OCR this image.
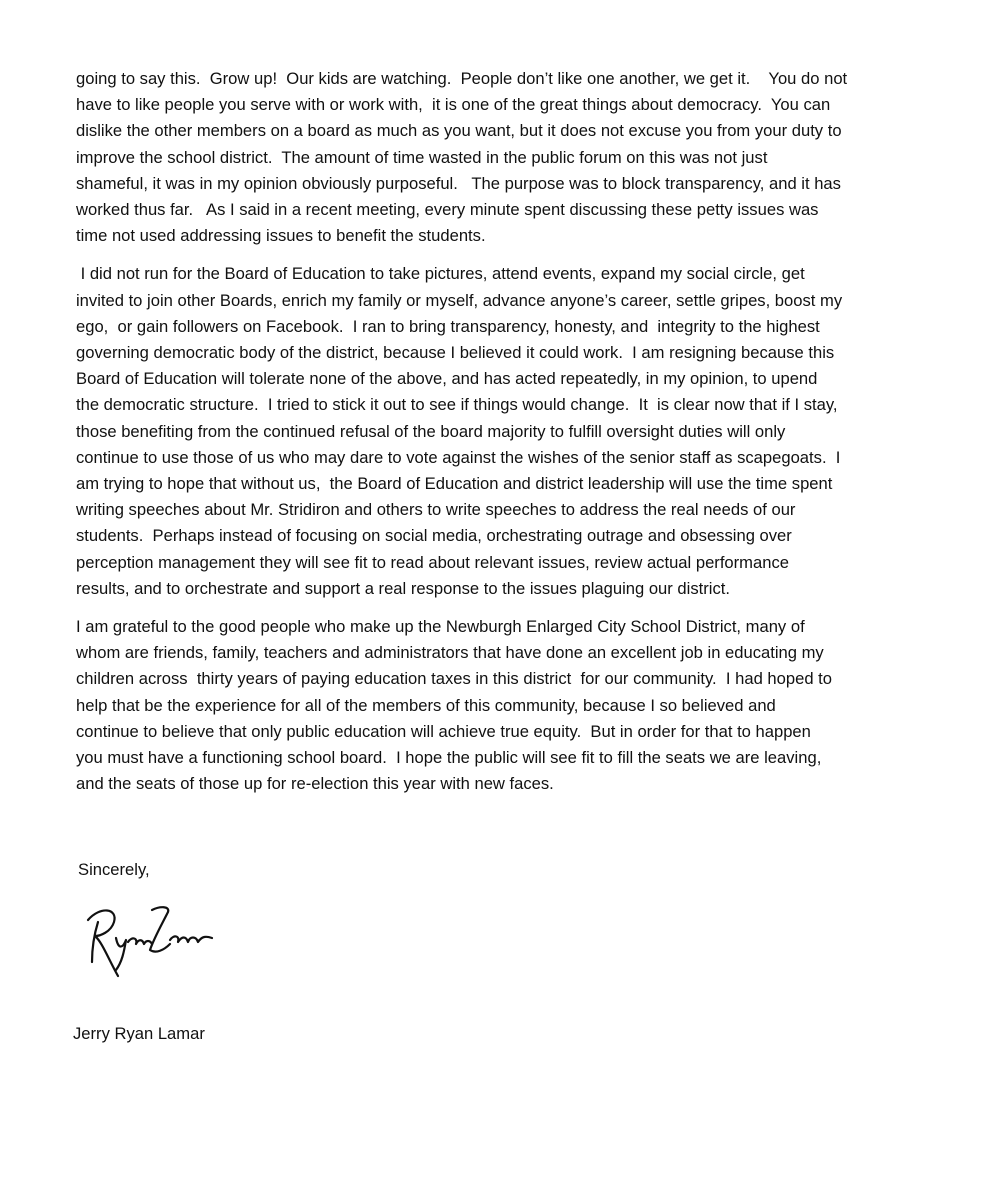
going to say this.  Grow up!  Our kids are watching.  People don’t like one another, we get it.    You do not
have to like people you serve with or work with,  it is one of the great things about democracy.  You can
dislike the other members on a board as much as you want, but it does not excuse you from your duty to
improve the school district.  The amount of time wasted in the public forum on this was not just
shameful, it was in my opinion obviously purposeful.   The purpose was to block transparency, and it has
worked thus far.   As I said in a recent meeting, every minute spent discussing these petty issues was
time not used addressing issues to benefit the students.

I did not run for the Board of Education to take pictures, attend events, expand my social circle, get
invited to join other Boards, enrich my family or myself, advance anyone’s career, settle gripes, boost my
ego,  or gain followers on Facebook.  I ran to bring transparency, honesty, and  integrity to the highest
governing democratic body of the district, because I believed it could work.  I am resigning because this
Board of Education will tolerate none of the above, and has acted repeatedly, in my opinion, to upend
the democratic structure.  I tried to stick it out to see if things would change.  It  is clear now that if I stay,
those benefiting from the continued refusal of the board majority to fulfill oversight duties will only
continue to use those of us who may dare to vote against the wishes of the senior staff as scapegoats.  I
am trying to hope that without us,  the Board of Education and district leadership will use the time spent
writing speeches about Mr. Stridiron and others to write speeches to address the real needs of our
students.  Perhaps instead of focusing on social media, orchestrating outrage and obsessing over
perception management they will see fit to read about relevant issues, review actual performance
results, and to orchestrate and support a real response to the issues plaguing our district.

I am grateful to the good people who make up the Newburgh Enlarged City School District, many of
whom are friends, family, teachers and administrators that have done an excellent job in educating my
children across  thirty years of paying education taxes in this district  for our community.  I had hoped to
help that be the experience for all of the members of this community, because I so believed and
continue to believe that only public education will achieve true equity.  But in order for that to happen
you must have a functioning school board.  I hope the public will see fit to fill the seats we are leaving,
and the seats of those up for re-election this year with new faces.

Sincerely,

Jerry Ryan Lamar
